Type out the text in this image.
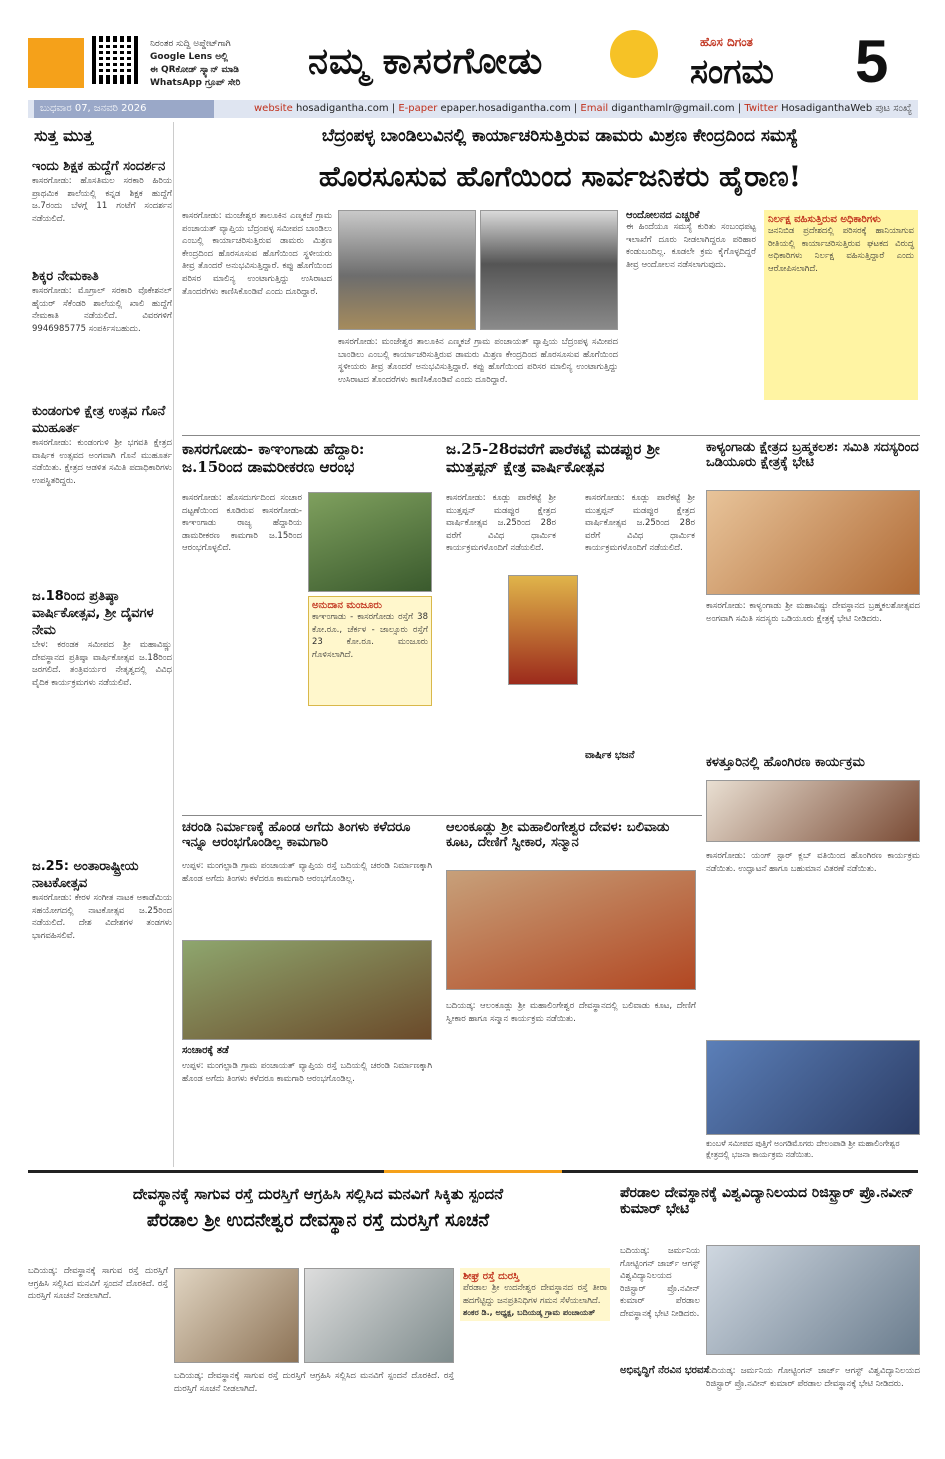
ನಿರಂತರ ಸುದ್ದಿ ಅಪ್ಡೇಟ್‌ಗಾಗಿ
Google Lens ಅಲ್ಲಿ
ಈ QRಕೋಡ್ ಸ್ಕ್ಯಾನ್ ಮಾಡಿ
WhatsApp ಗ್ರೂಪ್ ಸೇರಿ
ನಮ್ಮ ಕಾಸರಗೋಡು	ಹೊಸ ದಿಗಂತ
ಸಂಗಮ 5
ಬುಧವಾರ 07, ಜನವರಿ 2026	website hosadigantha.com | E-paper epaper.hosadigantha.com | Email diganthamlr@gmail.com | Twitter HosadiganthaWeb ಪುಟ ಸಂಖ್ಯೆ
ಸುತ್ತ ಮುತ್ತ
ಇಂದು ಶಿಕ್ಷಕ ಹುದ್ದೆಗೆ ಸಂದರ್ಶನ
ಕಾಸರಗೋಡು: ಹೊಸತಿಮಲ ಸರಕಾರಿ ಹಿರಿಯ ಪ್ರಾಥಮಿಕ ಶಾಲೆಯಲ್ಲಿ ಕನ್ನಡ ಶಿಕ್ಷಕ ಹುದ್ದೆಗೆ ಜ.7ರಂದು ಬೆಳಗ್ಗೆ 11 ಗಂಟೆಗೆ ಸಂದರ್ಶನ ನಡೆಯಲಿದೆ.
ಶಿಕ್ಕರ ನೇಮಕಾತಿ
ಕಾಸರಗೋಡು: ಮೊಗ್ರಾಲ್ ಸರಕಾರಿ ವೊಕೇಶನಲ್ ಹೈಯರ್ ಸೆಕೆಂಡರಿ ಶಾಲೆಯಲ್ಲಿ ಖಾಲಿ ಹುದ್ದೆಗೆ ನೇಮಕಾತಿ ನಡೆಯಲಿದೆ. ವಿವರಗಳಿಗೆ 9946985775 ಸಂಪರ್ಕಿಸಬಹುದು.
ಕುಂಡಂಗುಳಿ ಕ್ಷೇತ್ರ ಉತ್ಸವ ಗೊನೆ ಮುಹೂರ್ತ
ಕಾಸರಗೋಡು: ಕುಂಡಂಗುಳಿ ಶ್ರೀ ಭಗವತಿ ಕ್ಷೇತ್ರದ ವಾರ್ಷಿಕ ಉತ್ಸವದ ಅಂಗವಾಗಿ ಗೊನೆ ಮುಹೂರ್ತ ನಡೆಯಿತು. ಕ್ಷೇತ್ರದ ಆಡಳಿತ ಸಮಿತಿ ಪದಾಧಿಕಾರಿಗಳು ಉಪಸ್ಥಿತರಿದ್ದರು.
ಜ.18ರಿಂದ ಪ್ರತಿಷ್ಠಾ ವಾರ್ಷಿಕೋತ್ಸವ, ಶ್ರೀ ದೈವಗಳ ನೇಮ
ಬೇಳ: ಕರಂಡಕ ಸಮೀಪದ ಶ್ರೀ ಮಹಾವಿಷ್ಣು ದೇವಸ್ಥಾನದ ಪ್ರತಿಷ್ಠಾ ವಾರ್ಷಿಕೋತ್ಸವ ಜ.18ರಿಂದ ಜರಗಲಿದೆ. ತಂತ್ರಿವರ್ಯರ ನೇತೃತ್ವದಲ್ಲಿ ವಿವಿಧ ವೈದಿಕ ಕಾರ್ಯಕ್ರಮಗಳು ನಡೆಯಲಿವೆ.
ಜ.25: ಅಂತಾರಾಷ್ಟ್ರೀಯ ನಾಟಕೋತ್ಸವ
ಕಾಸರಗೋಡು: ಕೇರಳ ಸಂಗೀತ ನಾಟಕ ಅಕಾಡೆಮಿಯ ಸಹಯೋಗದಲ್ಲಿ ನಾಟಕೋತ್ಸವ ಜ.25ರಿಂದ ನಡೆಯಲಿದೆ. ದೇಶ ವಿದೇಶಗಳ ತಂಡಗಳು ಭಾಗವಹಿಸಲಿವೆ.
ಬೆದ್ರಂಪಳ್ಳ ಬಾಂಡಿಲುವಿನಲ್ಲಿ ಕಾರ್ಯಾಚರಿಸುತ್ತಿರುವ ಡಾಮರು ಮಿಶ್ರಣ ಕೇಂದ್ರದಿಂದ ಸಮಸ್ಯೆ
ಹೊರಸೂಸುವ ಹೊಗೆಯಿಂದ ಸಾರ್ವಜನಿಕರು ಹೈರಾಣ!
ಕಾಸರಗೋಡು: ಮಂಜೇಶ್ವರ ತಾಲೂಕಿನ ಎಣ್ಮಕಜೆ ಗ್ರಾಮ ಪಂಚಾಯತ್ ವ್ಯಾಪ್ತಿಯ ಬೆದ್ರಂಪಳ್ಳ ಸಮೀಪದ ಬಾಂಡಿಲು ಎಂಬಲ್ಲಿ ಕಾರ್ಯಾಚರಿಸುತ್ತಿರುವ ಡಾಮರು ಮಿಶ್ರಣ ಕೇಂದ್ರದಿಂದ ಹೊರಸೂಸುವ ಹೊಗೆಯಿಂದ ಸ್ಥಳೀಯರು ತೀವ್ರ ತೊಂದರೆ ಅನುಭವಿಸುತ್ತಿದ್ದಾರೆ. ಕಪ್ಪು ಹೊಗೆಯಿಂದ ಪರಿಸರ ಮಾಲಿನ್ಯ ಉಂಟಾಗುತ್ತಿದ್ದು ಉಸಿರಾಟದ ತೊಂದರೆಗಳು ಕಾಣಿಸಿಕೊಂಡಿವೆ ಎಂದು ದೂರಿದ್ದಾರೆ.
ಕಾಸರಗೋಡು: ಮಂಜೇಶ್ವರ ತಾಲೂಕಿನ ಎಣ್ಮಕಜೆ ಗ್ರಾಮ ಪಂಚಾಯತ್ ವ್ಯಾಪ್ತಿಯ ಬೆದ್ರಂಪಳ್ಳ ಸಮೀಪದ ಬಾಂಡಿಲು ಎಂಬಲ್ಲಿ ಕಾರ್ಯಾಚರಿಸುತ್ತಿರುವ ಡಾಮರು ಮಿಶ್ರಣ ಕೇಂದ್ರದಿಂದ ಹೊರಸೂಸುವ ಹೊಗೆಯಿಂದ ಸ್ಥಳೀಯರು ತೀವ್ರ ತೊಂದರೆ ಅನುಭವಿಸುತ್ತಿದ್ದಾರೆ. ಕಪ್ಪು ಹೊಗೆಯಿಂದ ಪರಿಸರ ಮಾಲಿನ್ಯ ಉಂಟಾಗುತ್ತಿದ್ದು ಉಸಿರಾಟದ ತೊಂದರೆಗಳು ಕಾಣಿಸಿಕೊಂಡಿವೆ ಎಂದು ದೂರಿದ್ದಾರೆ.
ಆಂದೋಲನದ ಎಚ್ಚರಿಕೆ
ಈ ಹಿಂದೆಯೂ ಸಮಸ್ಯೆ ಕುರಿತು ಸಂಬಂಧಪಟ್ಟ ಇಲಾಖೆಗೆ ದೂರು ನೀಡಲಾಗಿದ್ದರೂ ಪರಿಹಾರ ಕಂಡುಬಂದಿಲ್ಲ. ಕೂಡಲೇ ಕ್ರಮ ಕೈಗೊಳ್ಳದಿದ್ದರೆ ತೀವ್ರ ಆಂದೋಲನ ನಡೆಸಲಾಗುವುದು.
ನಿರ್ಲಕ್ಷ ವಹಿಸುತ್ತಿರುವ ಅಧಿಕಾರಿಗಳು
ಜನನಿಬಿಡ ಪ್ರದೇಶದಲ್ಲಿ ಪರಿಸರಕ್ಕೆ ಹಾನಿಯಾಗುವ ರೀತಿಯಲ್ಲಿ ಕಾರ್ಯಾಚರಿಸುತ್ತಿರುವ ಘಟಕದ ವಿರುದ್ಧ ಅಧಿಕಾರಿಗಳು ನಿರ್ಲಕ್ಷ ವಹಿಸುತ್ತಿದ್ದಾರೆ ಎಂದು ಆರೋಪಿಸಲಾಗಿದೆ.
ಕಾಸರಗೋಡು- ಕಾಞಂಗಾಡು ಹೆದ್ದಾರಿ: ಜ.15ರಿಂದ ಡಾಮರೀಕರಣ ಆರಂಭ
ಕಾಸರಗೋಡು: ಹೊಸದುರ್ಗದಿಂದ ಸಂಚಾರ ದಟ್ಟಣೆಯಿಂದ ಕೂಡಿರುವ ಕಾಸರಗೋಡು-ಕಾಞಂಗಾಡು ರಾಜ್ಯ ಹೆದ್ದಾರಿಯ ಡಾಮರೀಕರಣ ಕಾಮಗಾರಿ ಜ.15ರಿಂದ ಆರಂಭಗೊಳ್ಳಲಿದೆ.
ಅನುದಾನ ಮಂಜೂರು
ಕಾಞಂಗಾಡು - ಕಾಸರಗೋಡು ರಸ್ತೆಗೆ 38 ಕೋ.ರೂ., ಚೆರ್ಕಳ - ಜಾಲ್ಸೂರು ರಸ್ತೆಗೆ 23 ಕೋ.ರೂ. ಮಂಜೂರು ಗೊಳಿಸಲಾಗಿದೆ.
ಜ.25-28ರವರೆಗೆ ಪಾರೆಕಟ್ಟೆ ಮಡಪ್ಪುರ ಶ್ರೀ ಮುತ್ತಪ್ಪನ್ ಕ್ಷೇತ್ರ ವಾರ್ಷಿಕೋತ್ಸವ
ಕಾಸರಗೋಡು: ಕೂಡ್ಲು ಪಾರೆಕಟ್ಟೆ ಶ್ರೀ ಮುತ್ತಪ್ಪನ್ ಮಡಪ್ಪುರ ಕ್ಷೇತ್ರದ ವಾರ್ಷಿಕೋತ್ಸವ ಜ.25ರಿಂದ 28ರ ವರೆಗೆ ವಿವಿಧ ಧಾರ್ಮಿಕ ಕಾರ್ಯಕ್ರಮಗಳೊಂದಿಗೆ ನಡೆಯಲಿದೆ.
ವಾರ್ಷಿಕ ಭಜನೆ
ಕಾಸರಗೋಡು: ಕೂಡ್ಲು ಪಾರೆಕಟ್ಟೆ ಶ್ರೀ ಮುತ್ತಪ್ಪನ್ ಮಡಪ್ಪುರ ಕ್ಷೇತ್ರದ ವಾರ್ಷಿಕೋತ್ಸವ ಜ.25ರಿಂದ 28ರ ವರೆಗೆ ವಿವಿಧ ಧಾರ್ಮಿಕ ಕಾರ್ಯಕ್ರಮಗಳೊಂದಿಗೆ ನಡೆಯಲಿದೆ.
ಕಾಳ್ಯಂಗಾಡು ಕ್ಷೇತ್ರದ ಬ್ರಹ್ಮಕಲಶ: ಸಮಿತಿ ಸದಸ್ಯರಿಂದ ಒಡಿಯೂರು ಕ್ಷೇತ್ರಕ್ಕೆ ಭೇಟಿ
ಕಾಸರಗೋಡು: ಕಾಳ್ಯಂಗಾಡು ಶ್ರೀ ಮಹಾವಿಷ್ಣು ದೇವಸ್ಥಾನದ ಬ್ರಹ್ಮಕಲಶೋತ್ಸವದ ಅಂಗವಾಗಿ ಸಮಿತಿ ಸದಸ್ಯರು ಒಡಿಯೂರು ಕ್ಷೇತ್ರಕ್ಕೆ ಭೇಟಿ ನೀಡಿದರು.
ಕಳತ್ತೂರಿನಲ್ಲಿ ಹೊಂಗಿರಣ ಕಾರ್ಯಕ್ರಮ
ಚರಂಡಿ ನಿರ್ಮಾಣಕ್ಕೆ ಹೊಂಡ ಅಗೆದು ತಿಂಗಳು ಕಳೆದರೂ ಇನ್ನೂ ಆರಂಭಗೊಂಡಿಲ್ಲ ಕಾಮಗಾರಿ
ಉಪ್ಪಳ: ಮಂಗಲ್ಪಾಡಿ ಗ್ರಾಮ ಪಂಚಾಯತ್ ವ್ಯಾಪ್ತಿಯ ರಸ್ತೆ ಬದಿಯಲ್ಲಿ ಚರಂಡಿ ನಿರ್ಮಾಣಕ್ಕಾಗಿ ಹೊಂಡ ಅಗೆದು ತಿಂಗಳು ಕಳೆದರೂ ಕಾಮಗಾರಿ ಆರಂಭಗೊಂಡಿಲ್ಲ.
ಸಂಚಾರಕ್ಕೆ ತಡೆ
ಉಪ್ಪಳ: ಮಂಗಲ್ಪಾಡಿ ಗ್ರಾಮ ಪಂಚಾಯತ್ ವ್ಯಾಪ್ತಿಯ ರಸ್ತೆ ಬದಿಯಲ್ಲಿ ಚರಂಡಿ ನಿರ್ಮಾಣಕ್ಕಾಗಿ ಹೊಂಡ ಅಗೆದು ತಿಂಗಳು ಕಳೆದರೂ ಕಾಮಗಾರಿ ಆರಂಭಗೊಂಡಿಲ್ಲ.
ಆಲಂಕೂಡ್ಲು ಶ್ರೀ ಮಹಾಲಿಂಗೇಶ್ವರ ದೇವಳ: ಬಲಿವಾಡು ಕೂಟ, ದೇಣಿಗೆ ಸ್ವೀಕಾರ, ಸನ್ಮಾನ
ಬದಿಯಡ್ಕ: ಆಲಂಕೂಡ್ಲು ಶ್ರೀ ಮಹಾಲಿಂಗೇಶ್ವರ ದೇವಸ್ಥಾನದಲ್ಲಿ ಬಲಿವಾಡು ಕೂಟ, ದೇಣಿಗೆ ಸ್ವೀಕಾರ ಹಾಗೂ ಸನ್ಮಾನ ಕಾರ್ಯಕ್ರಮ ನಡೆಯಿತು.
ಕಾಸರಗೋಡು: ಯಂಗ್ ಸ್ಟಾರ್ ಕ್ಲಬ್ ವತಿಯಿಂದ ಹೊಂಗಿರಣ ಕಾರ್ಯಕ್ರಮ ನಡೆಯಿತು. ಉದ್ಘಾಟನೆ ಹಾಗೂ ಬಹುಮಾನ ವಿತರಣೆ ನಡೆಯಿತು.
ಕುಂಬಳೆ ಸಮೀಪದ ಪುತ್ತಿಗೆ ಅಂಗಡಿಮೊಗರು ದೇಲಂಪಾಡಿ ಶ್ರೀ ಮಹಾಲಿಂಗೇಶ್ವರ ಕ್ಷೇತ್ರದಲ್ಲಿ ಭಜನಾ ಕಾರ್ಯಕ್ರಮ ನಡೆಯಿತು.
ದೇವಸ್ಥಾನಕ್ಕೆ ಸಾಗುವ ರಸ್ತೆ ದುರಸ್ತಿಗೆ ಆಗ್ರಹಿಸಿ ಸಲ್ಲಿಸಿದ ಮನವಿಗೆ ಸಿಕ್ಕಿತು ಸ್ಪಂದನೆ
ಪೆರಡಾಲ ಶ್ರೀ ಉದನೇಶ್ವರ ದೇವಸ್ಥಾನ ರಸ್ತೆ ದುರಸ್ತಿಗೆ ಸೂಚನೆ
ಬದಿಯಡ್ಕ: ದೇವಸ್ಥಾನಕ್ಕೆ ಸಾಗುವ ರಸ್ತೆ ದುರಸ್ತಿಗೆ ಆಗ್ರಹಿಸಿ ಸಲ್ಲಿಸಿದ ಮನವಿಗೆ ಸ್ಪಂದನೆ ದೊರಕಿದೆ. ರಸ್ತೆ ದುರಸ್ತಿಗೆ ಸೂಚನೆ ನೀಡಲಾಗಿದೆ.
ಶೀಘ್ರ ರಸ್ತೆ ದುರಸ್ತಿ
ಪೆರಡಾಲ ಶ್ರೀ ಉದನೇಶ್ವರ ದೇವಸ್ಥಾನದ ರಸ್ತೆ ತೀರಾ ಹದಗೆಟ್ಟಿದ್ದು ಜನಪ್ರತಿನಿಧಿಗಳ ಗಮನ ಸೆಳೆಯಲಾಗಿದೆ.
ಶಂಕರ ಡಿ., ಅಧ್ಯಕ್ಷ, ಬದಿಯಡ್ಕ ಗ್ರಾಮ ಪಂಚಾಯತ್
ಬದಿಯಡ್ಕ: ದೇವಸ್ಥಾನಕ್ಕೆ ಸಾಗುವ ರಸ್ತೆ ದುರಸ್ತಿಗೆ ಆಗ್ರಹಿಸಿ ಸಲ್ಲಿಸಿದ ಮನವಿಗೆ ಸ್ಪಂದನೆ ದೊರಕಿದೆ. ರಸ್ತೆ ದುರಸ್ತಿಗೆ ಸೂಚನೆ ನೀಡಲಾಗಿದೆ.
ಪೆರಡಾಲ ದೇವಸ್ಥಾನಕ್ಕೆ ವಿಶ್ವವಿದ್ಯಾನಿಲಯದ ರಿಜಿಸ್ಟ್ರಾರ್ ಪ್ರೊ.ನವೀನ್ ಕುಮಾರ್ ಭೇಟಿ
ಬದಿಯಡ್ಕ: ಜರ್ಮನಿಯ ಗೋಟ್ಟಿಂಗನ್ ಜಾರ್ಜ್ ಆಗಸ್ಟ್ ವಿಶ್ವವಿದ್ಯಾನಿಲಯದ ರಿಜಿಸ್ಟ್ರಾರ್ ಪ್ರೊ.ನವೀನ್ ಕುಮಾರ್ ಪೆರಡಾಲ ದೇವಸ್ಥಾನಕ್ಕೆ ಭೇಟಿ ನೀಡಿದರು.
ಅಭಿವೃದ್ಧಿಗೆ ನೆರವಿನ ಭರವಸೆ
ಬದಿಯಡ್ಕ: ಜರ್ಮನಿಯ ಗೋಟ್ಟಿಂಗನ್ ಜಾರ್ಜ್ ಆಗಸ್ಟ್ ವಿಶ್ವವಿದ್ಯಾನಿಲಯದ ರಿಜಿಸ್ಟ್ರಾರ್ ಪ್ರೊ.ನವೀನ್ ಕುಮಾರ್ ಪೆರಡಾಲ ದೇವಸ್ಥಾನಕ್ಕೆ ಭೇಟಿ ನೀಡಿದರು.
